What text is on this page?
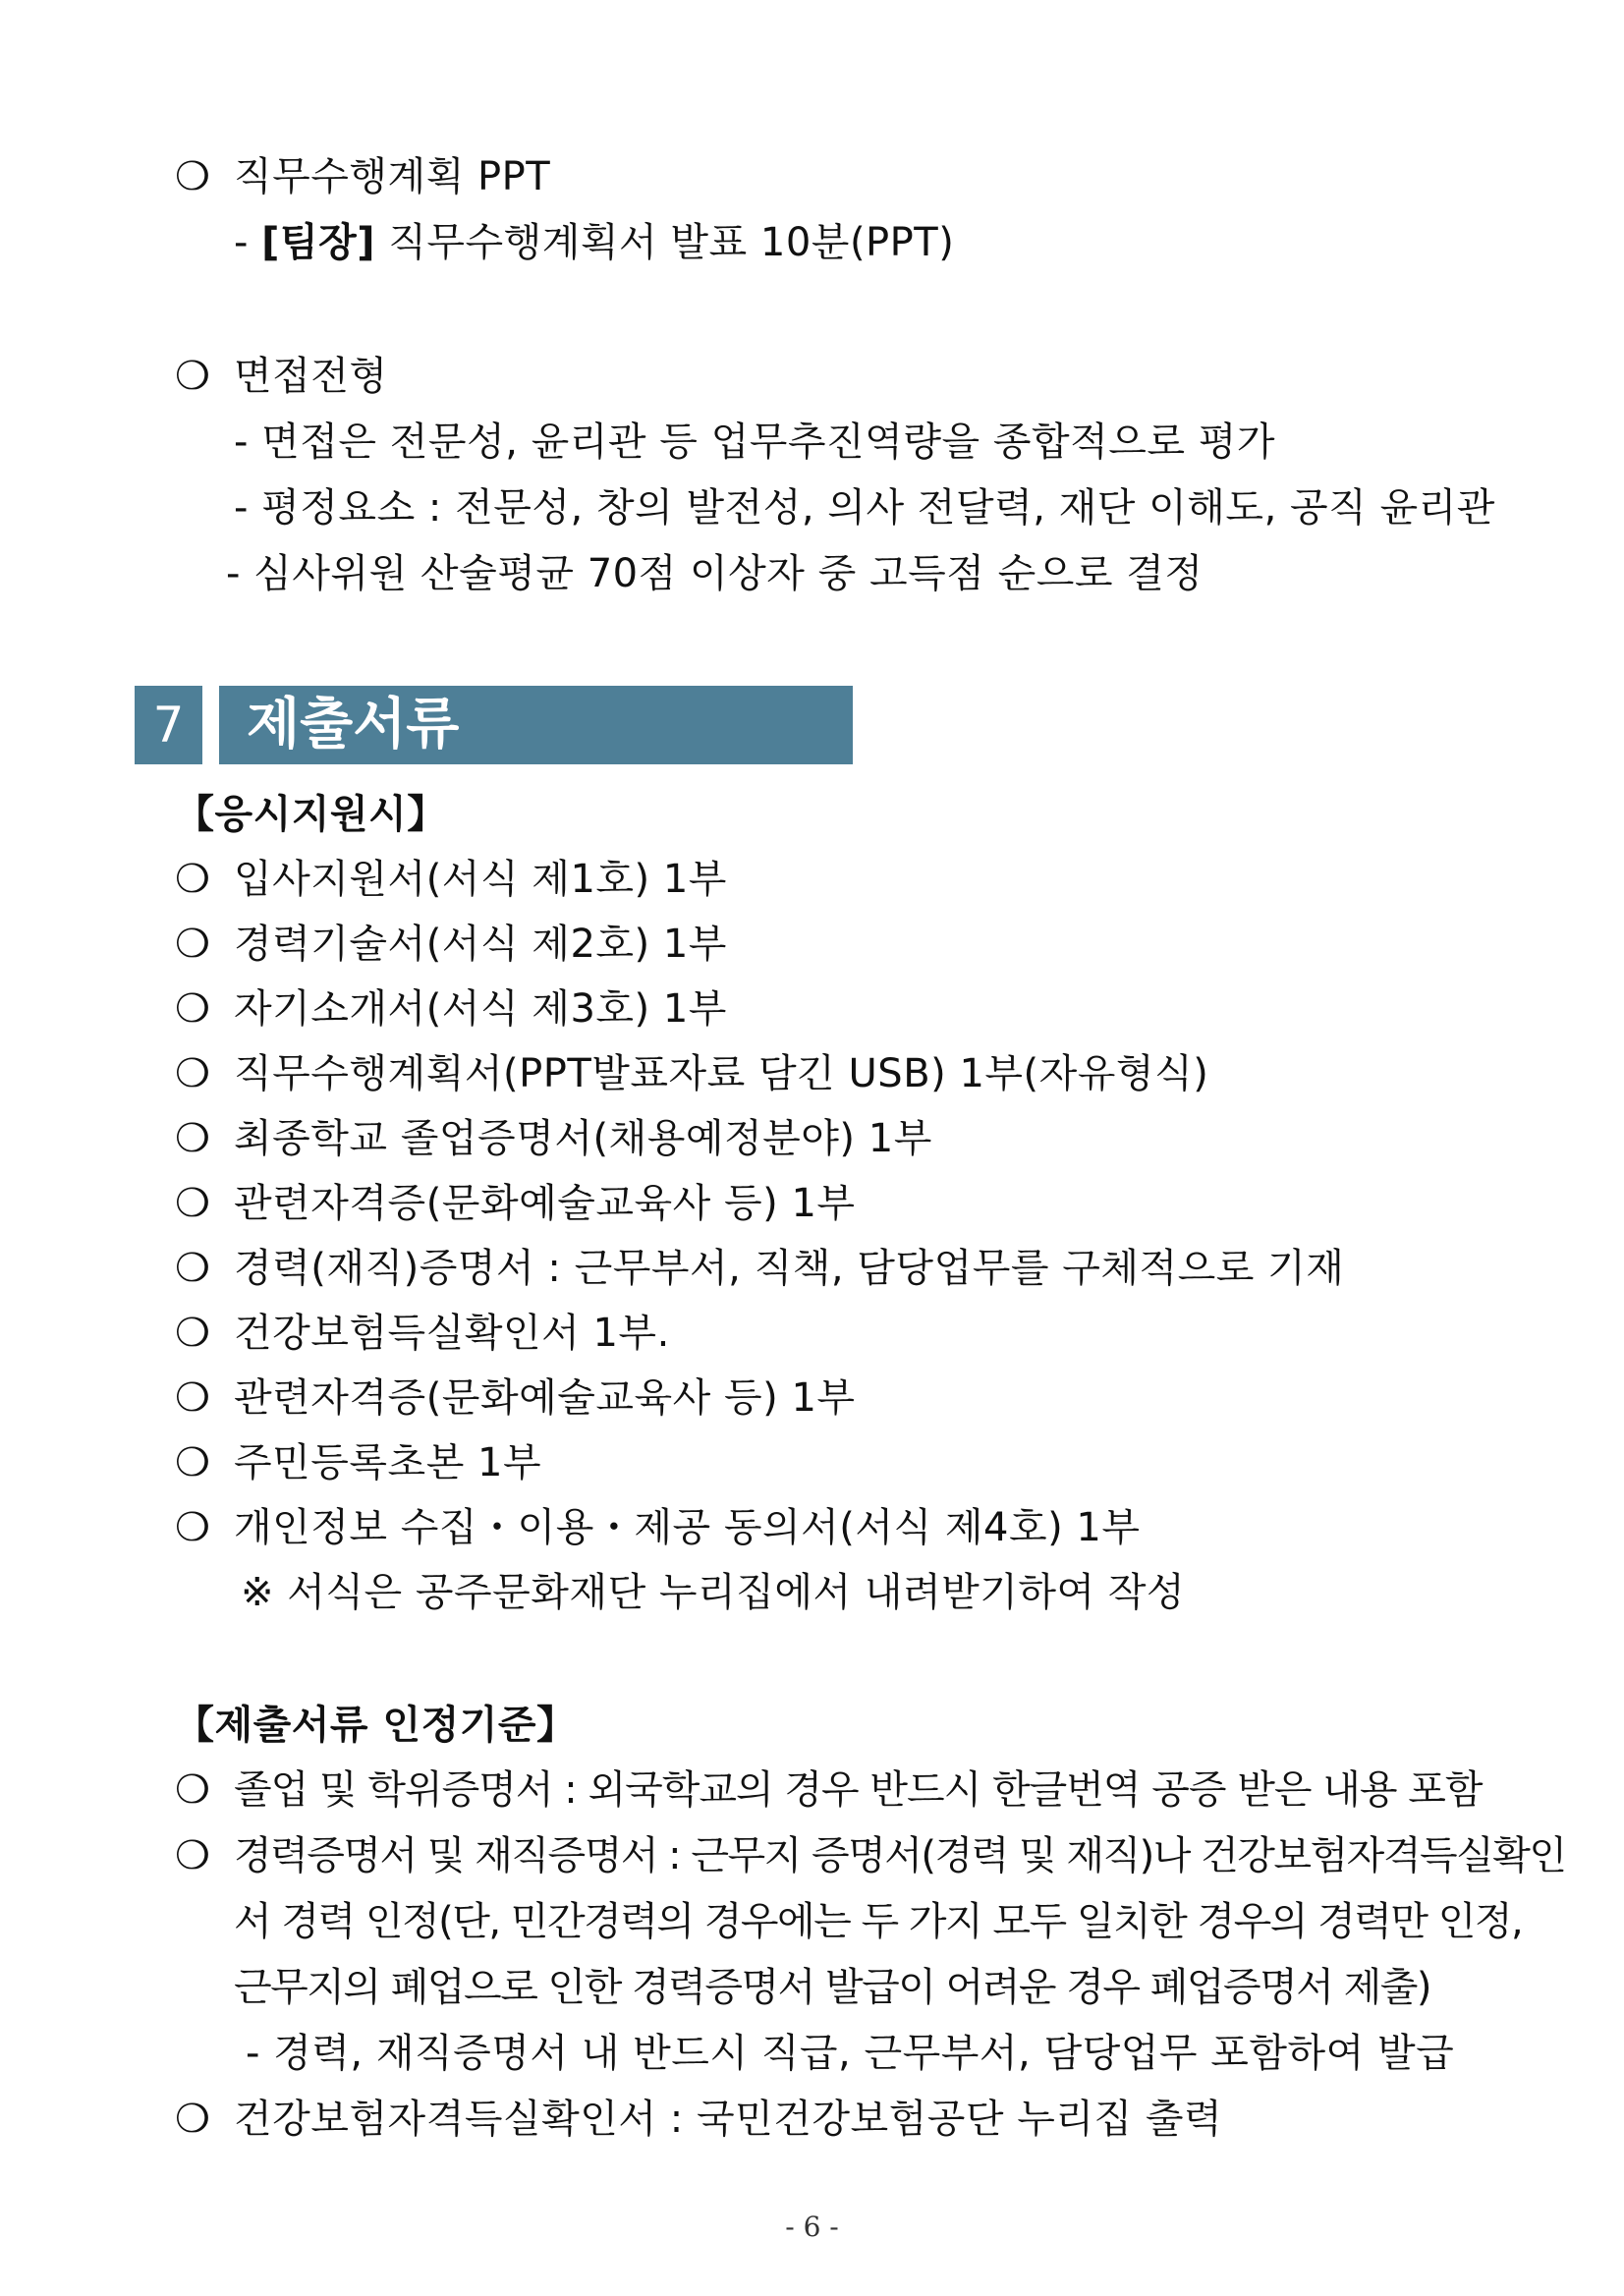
❍ 직무수행계획 PPT
- [팀장] 직무수행계획서 발표 10분(PPT)
❍ 면접전형
- 면접은 전문성, 윤리관 등 업무추진역량을 종합적으로 평가
- 평정요소 : 전문성, 창의 발전성, 의사 전달력, 재단 이해도, 공직 윤리관
- 심사위원 산술평균 70점 이상자 중 고득점 순으로 결정
7	제출서류
【응시지원시】
❍ 입사지원서(서식 제1호) 1부
❍ 경력기술서(서식 제2호) 1부
❍ 자기소개서(서식 제3호) 1부
❍ 직무수행계획서(PPT발표자료 담긴 USB) 1부(자유형식)
❍ 최종학교 졸업증명서(채용예정분야) 1부
❍ 관련자격증(문화예술교육사 등) 1부
❍ 경력(재직)증명서 : 근무부서, 직책, 담당업무를 구체적으로 기재
❍ 건강보험득실확인서 1부.
❍ 관련자격증(문화예술교육사 등) 1부
❍ 주민등록초본 1부
❍ 개인정보 수집・이용・제공 동의서(서식 제4호) 1부
※ 서식은 공주문화재단 누리집에서 내려받기하여 작성
【제출서류 인정기준】
❍ 졸업 및 학위증명서 : 외국학교의 경우 반드시 한글번역 공증 받은 내용 포함
❍ 경력증명서 및 재직증명서 : 근무지 증명서(경력 및 재직)나 건강보험자격득실확인
서 경력 인정(단, 민간경력의 경우에는 두 가지 모두 일치한 경우의 경력만 인정,
근무지의 폐업으로 인한 경력증명서 발급이 어려운 경우 폐업증명서 제출)
- 경력, 재직증명서 내 반드시 직급, 근무부서, 담당업무 포함하여 발급
❍ 건강보험자격득실확인서 : 국민건강보험공단 누리집 출력
- 6 -
